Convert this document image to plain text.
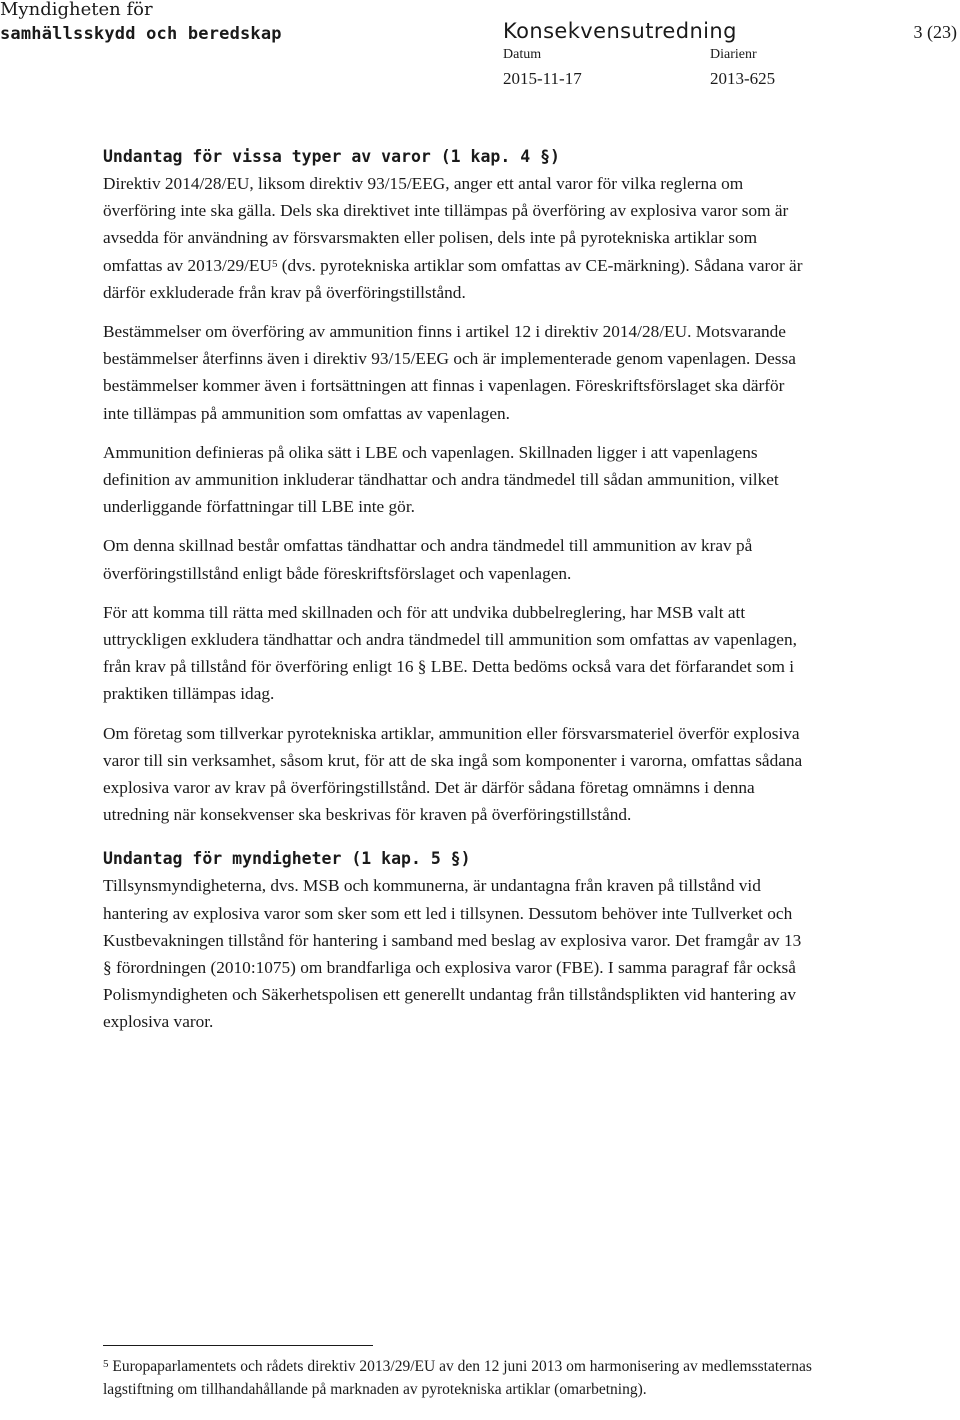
Myndigheten för
samhällsskydd och beredskap	Konsekvensutredning	3 (23)
Datum	Diarienr
2015-11-17	2013-625
Undantag för vissa typer av varor (1 kap. 4 §)

Direktiv 2014/28/EU, liksom direktiv 93/15/EEG, anger ett antal varor för vilka reglerna om överföring inte ska gälla. Dels ska direktivet inte tillämpas på överföring av explosiva varor som är avsedda för användning av försvarsmakten eller polisen, dels inte på pyrotekniska artiklar som omfattas av $2013/29/EU^5$ (dvs. pyrotekniska artiklar som omfattas av CE-märkning). Sådana varor är därför exkluderade från krav på överföringstillstånd.

Bestämmelser om överföring av ammunition finns i artikel 12 i direktiv 2014/28/EU. Motsvarande bestämmelser återfinns även i direktiv 93/15/EEG och är implementerade genom vapenlagen. Dessa bestämmelser kommer även i fortsättningen att finnas i vapenlagen. Föreskriftsförslaget ska därför inte tillämpas på ammunition som omfattas av vapenlagen.

Ammunition definieras på olika sätt i LBE och vapenlagen. Skillnaden ligger i att vapenlagens definition av ammunition inkluderar tändhattar och andra tändmedel till sådan ammunition, vilket underliggande författningar till LBE inte gör.

Om denna skillnad består omfattas tändhattar och andra tändmedel till ammunition av krav på överföringstillstånd enligt både föreskriftsförslaget och vapenlagen.

För att komma till rätta med skillnaden och för att undvika dubbelreglering, har MSB valt att uttryckligen exkludera tändhattar och andra tändmedel till ammunition som omfattas av vapenlagen, från krav på tillstånd för överföring enligt 16 § LBE. Detta bedöms också vara det förfarandet som i praktiken tillämpas idag.

Om företag som tillverkar pyrotekniska artiklar, ammunition eller försvarsmateriel överför explosiva varor till sin verksamhet, såsom krut, för att de ska ingå som komponenter i varorna, omfattas sådana explosiva varor av krav på överföringstillstånd. Det är därför sådana företag omnämns i denna utredning när konsekvenser ska beskrivas för kraven på överföringstillstånd.

Undantag för myndigheter (1 kap. 5 §)

Tillsynsmyndigheterna, dvs. MSB och kommunerna, är undantagna från kraven på tillstånd vid hantering av explosiva varor som sker som ett led i tillsynen. Dessutom behöver inte Tullverket och Kustbevakningen tillstånd för hantering i samband med beslag av explosiva varor. Det framgår av 13 § förordningen (2010:1075) om brandfarliga och explosiva varor (FBE). I samma paragraf får också Polismyndigheten och Säkerhetspolisen ett generellt undantag från tillståndsplikten vid hantering av explosiva varor.

$^5$ Europaparlamentets och rådets direktiv 2013/29/EU av den 12 juni 2013 om harmonisering av medlemsstaternas lagstiftning om tillhandahållande på marknaden av pyrotekniska artiklar (omarbetning).
